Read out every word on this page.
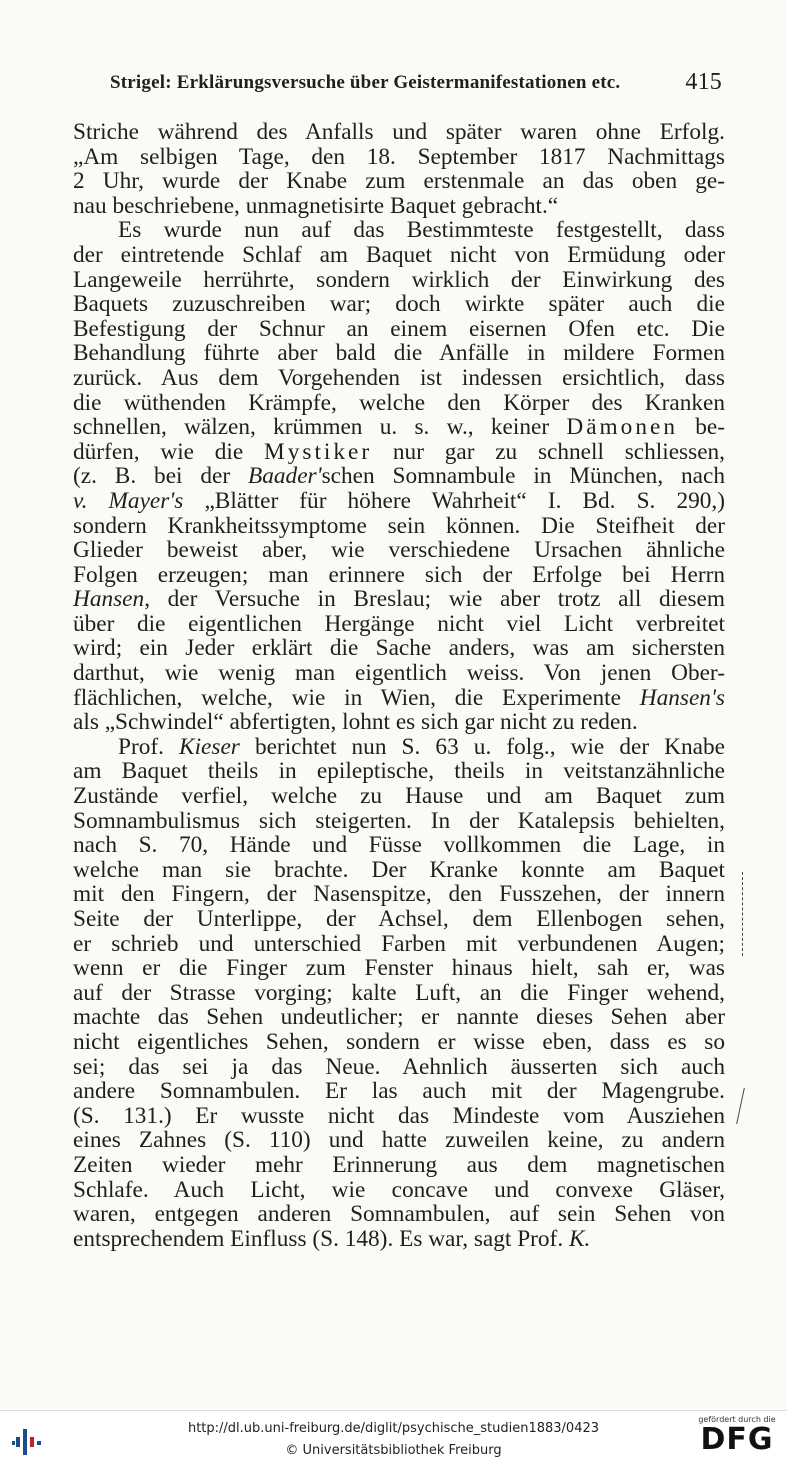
Strigel: Erklärungsversuche über Geistermanifestationen etc.	415
Striche während des Anfalls und später waren ohne Erfolg.
„Am selbigen Tage, den 18. September 1817 Nachmittags
2 Uhr, wurde der Knabe zum erstenmale an das oben ge-
nau beschriebene, unmagnetisirte Baquet gebracht.“
Es wurde nun auf das Bestimmteste festgestellt, dass
der eintretende Schlaf am Baquet nicht von Ermüdung oder
Langeweile herrührte, sondern wirklich der Einwirkung des
Baquets zuzuschreiben war; doch wirkte später auch die
Befestigung der Schnur an einem eisernen Ofen etc. Die
Behandlung führte aber bald die Anfälle in mildere Formen
zurück. Aus dem Vorgehenden ist indessen ersichtlich, dass
die wüthenden Krämpfe, welche den Körper des Kranken
schnellen, wälzen, krümmen u. s. w., keiner Dämonen be-
dürfen, wie die Mystiker nur gar zu schnell schliessen,
(z. B. bei der Baader'schen Somnambule in München, nach
v. Mayer's „Blätter für höhere Wahrheit“ I. Bd. S. 290,)
sondern Krankheitssymptome sein können. Die Steifheit der
Glieder beweist aber, wie verschiedene Ursachen ähnliche
Folgen erzeugen; man erinnere sich der Erfolge bei Herrn
Hansen, der Versuche in Breslau; wie aber trotz all diesem
über die eigentlichen Hergänge nicht viel Licht verbreitet
wird; ein Jeder erklärt die Sache anders, was am sichersten
darthut, wie wenig man eigentlich weiss. Von jenen Ober-
flächlichen, welche, wie in Wien, die Experimente Hansen's
als „Schwindel“ abfertigten, lohnt es sich gar nicht zu reden.
Prof. Kieser berichtet nun S. 63 u. folg., wie der Knabe
am Baquet theils in epileptische, theils in veitstanzähnliche
Zustände verfiel, welche zu Hause und am Baquet zum
Somnambulismus sich steigerten. In der Katalepsis behielten,
nach S. 70, Hände und Füsse vollkommen die Lage, in
welche man sie brachte. Der Kranke konnte am Baquet
mit den Fingern, der Nasenspitze, den Fusszehen, der innern
Seite der Unterlippe, der Achsel, dem Ellenbogen sehen,
er schrieb und unterschied Farben mit verbundenen Augen;
wenn er die Finger zum Fenster hinaus hielt, sah er, was
auf der Strasse vorging; kalte Luft, an die Finger wehend,
machte das Sehen undeutlicher; er nannte dieses Sehen aber
nicht eigentliches Sehen, sondern er wisse eben, dass es so
sei; das sei ja das Neue. Aehnlich äusserten sich auch
andere Somnambulen. Er las auch mit der Magengrube.
(S. 131.) Er wusste nicht das Mindeste vom Ausziehen
eines Zahnes (S. 110) und hatte zuweilen keine, zu andern
Zeiten wieder mehr Erinnerung aus dem magnetischen
Schlafe. Auch Licht, wie concave und convexe Gläser,
waren, entgegen anderen Somnambulen, auf sein Sehen von
entsprechendem Einfluss (S. 148). Es war, sagt Prof. K.
http://dl.ub.uni-freiburg.de/diglit/psychische_studien1883/0423
© Universitätsbibliothek Freiburg
gefördert durch die
DFG
